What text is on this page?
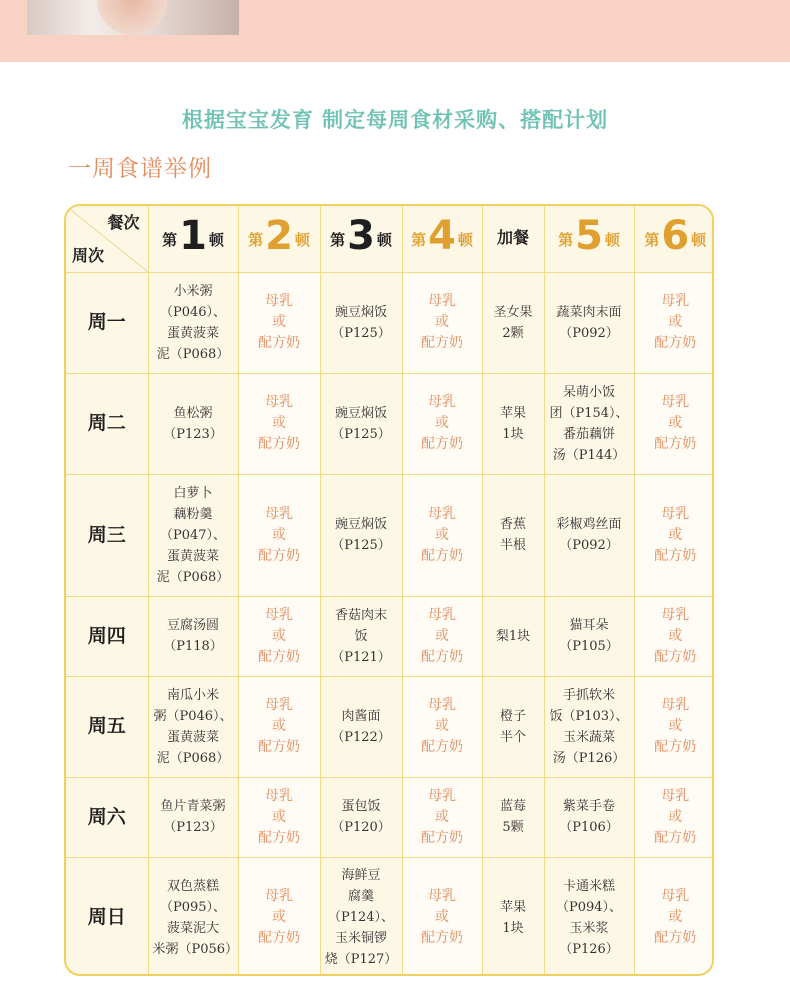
根据宝宝发育 制定每周食材采购、搭配计划
一周食谱举例
餐次
周次	第1 顿	第2 顿	第3 顿	第4 顿	加餐	第5 顿	第6 顿
周一	小米粥
（P046）、
蛋黄菠菜
泥（P068）	母乳
或
配方奶	豌豆焖饭
（P125）	母乳
或
配方奶	圣女果
2颗	蔬菜肉末面
（P092）	母乳
或
配方奶
周二	鱼松粥
（P123）	母乳
或
配方奶	豌豆焖饭
（P125）	母乳
或
配方奶	苹果
1块	呆萌小饭
团（P154）、
番茄藕饼
汤（P144）	母乳
或
配方奶
周三	白萝卜
藕粉羹
（P047）、
蛋黄菠菜
泥（P068）	母乳
或
配方奶	豌豆焖饭
（P125）	母乳
或
配方奶	香蕉
半根	彩椒鸡丝面
（P092）	母乳
或
配方奶
周四	豆腐汤圆
（P118）	母乳
或
配方奶	香菇肉末
饭
（P121）	母乳
或
配方奶	梨1块	猫耳朵
（P105）	母乳
或
配方奶
周五	南瓜小米
粥（P046）、
蛋黄菠菜
泥（P068）	母乳
或
配方奶	肉酱面
（P122）	母乳
或
配方奶	橙子
半个	手抓软米
饭（P103）、
玉米蔬菜
汤（P126）	母乳
或
配方奶
周六	鱼片青菜粥
（P123）	母乳
或
配方奶	蛋包饭
（P120）	母乳
或
配方奶	蓝莓
5颗	紫菜手卷
（P106）	母乳
或
配方奶
周日	双色蒸糕
（P095）、
菠菜泥大
米粥（P056）	母乳
或
配方奶	海鲜豆
腐羹
（P124）、
玉米铜锣
烧（P127）	母乳
或
配方奶	苹果
1块	卡通米糕
（P094）、
玉米浆
（P126）	母乳
或
配方奶
